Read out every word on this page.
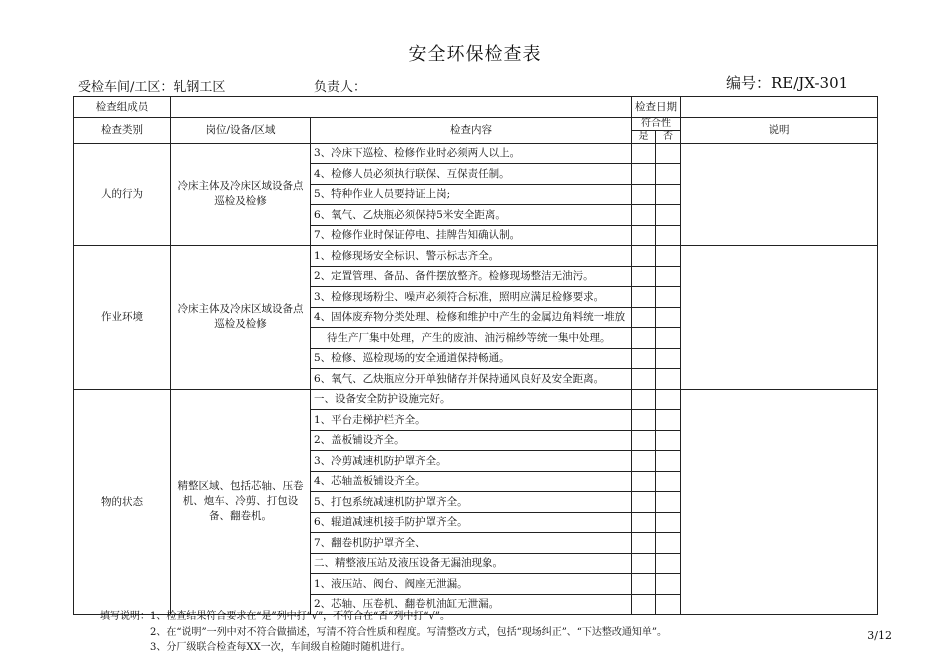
安全环保检查表
受检车间/工区：轧钢工区	负责人：	编号：RE/JX-301
检查组成员			检查日期		
检查类别	岗位/设备/区域	检查内容	符合性		说明
			是	否	
人的行为	冷床主体及冷床区域设备点巡检及检修	3、冷床下巡检、检修作业时必须两人以上。			
		4、检修人员必须执行联保、互保责任制。			
		5、特种作业人员要持证上岗;			
		6、氧气、乙炔瓶必须保持5米安全距离。			
		7、检修作业时保证停电、挂牌告知确认制。			
作业环境	冷床主体及冷床区域设备点巡检及检修	1、检修现场安全标识、警示标志齐全。			
		2、定置管理、备品、备件摆放整齐。检修现场整洁无油污。			
		3、检修现场粉尘、噪声必须符合标准，照明应满足检修要求。			
		4、固体废弃物分类处理、检修和维护中产生的金属边角料统一堆放			
		待生产厂集中处理，产生的废油、油污棉纱等统一集中处理。			
		5、检修、巡检现场的安全通道保持畅通。			
		6、氧气、乙炔瓶应分开单独储存并保持通风良好及安全距离。			
物的状态	精整区域、包括芯轴、压卷机、炮车、冷剪、打包设备、翻卷机。	一、设备安全防护设施完好。			
		1、平台走梯护栏齐全。			
		2、盖板铺设齐全。			
		3、冷剪减速机防护罩齐全。			
		4、芯轴盖板铺设齐全。			
		5、打包系统减速机防护罩齐全。			
		6、辊道减速机接手防护罩齐全。			
		7、翻卷机防护罩齐全、			
		二、精整液压站及液压设备无漏油现象。			
		1、液压站、阀台、阀座无泄漏。			
		2、芯轴、压卷机、翻卷机油缸无泄漏。			
填写说明：1、检查结果符合要求在“是”列中打“√”，不符合在“否”列中打“√”。
2、在“说明”一列中对不符合做描述，写清不符合性质和程度。写清整改方式，包括“现场纠正”、“下达整改通知单”。
3、分厂级联合检查每XX一次，车间级自检随时随机进行。
3/12
